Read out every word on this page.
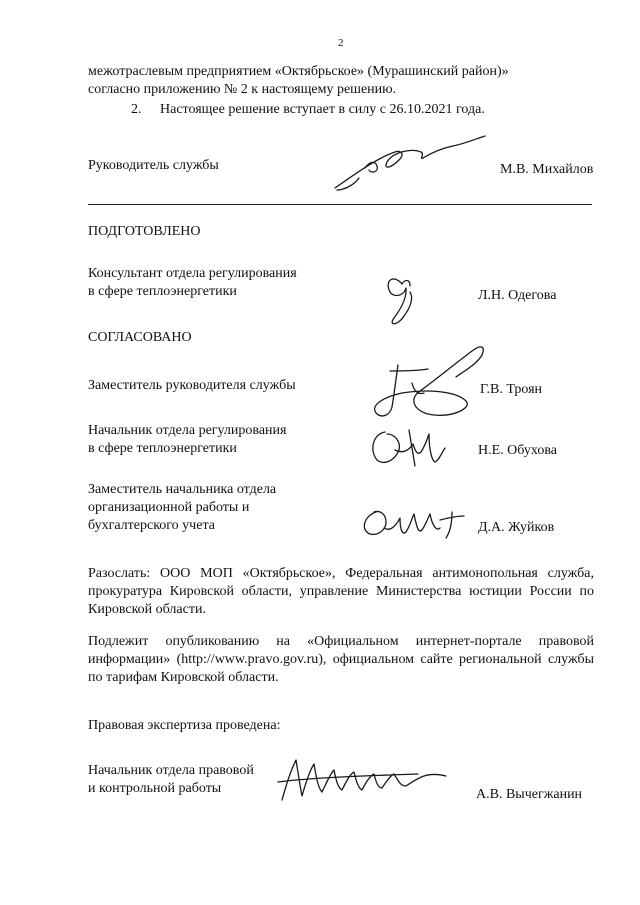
2
межотраслевым предприятием «Октябрьское» (Мурашинский район)»
согласно приложению № 2 к настоящему решению.
2. Настоящее решение вступает в силу с 26.10.2021 года.
Руководитель службы	М.В. Михайлов
ПОДГОТОВЛЕНО
Консультант отдела регулирования
в сфере теплоэнергетики	Л.Н. Одегова
СОГЛАСОВАНО
Заместитель руководителя службы	Г.В. Троян
Начальник отдела регулирования
в сфере теплоэнергетики	Н.Е. Обухова
Заместитель начальника отдела
организационной работы и
бухгалтерского учета	Д.А. Жуйков
Разослать: ООО МОП «Октябрьское», Федеральная антимонопольная служба, прокуратура Кировской области, управление Министерства юстиции России по Кировской области.
Подлежит опубликованию на «Официальном интернет-портале правовой информации» (http://www.pravo.gov.ru), официальном сайте региональной службы по тарифам Кировской области.
Правовая экспертиза проведена:
Начальник отдела правовой
и контрольной работы	А.В. Вычегжанин
